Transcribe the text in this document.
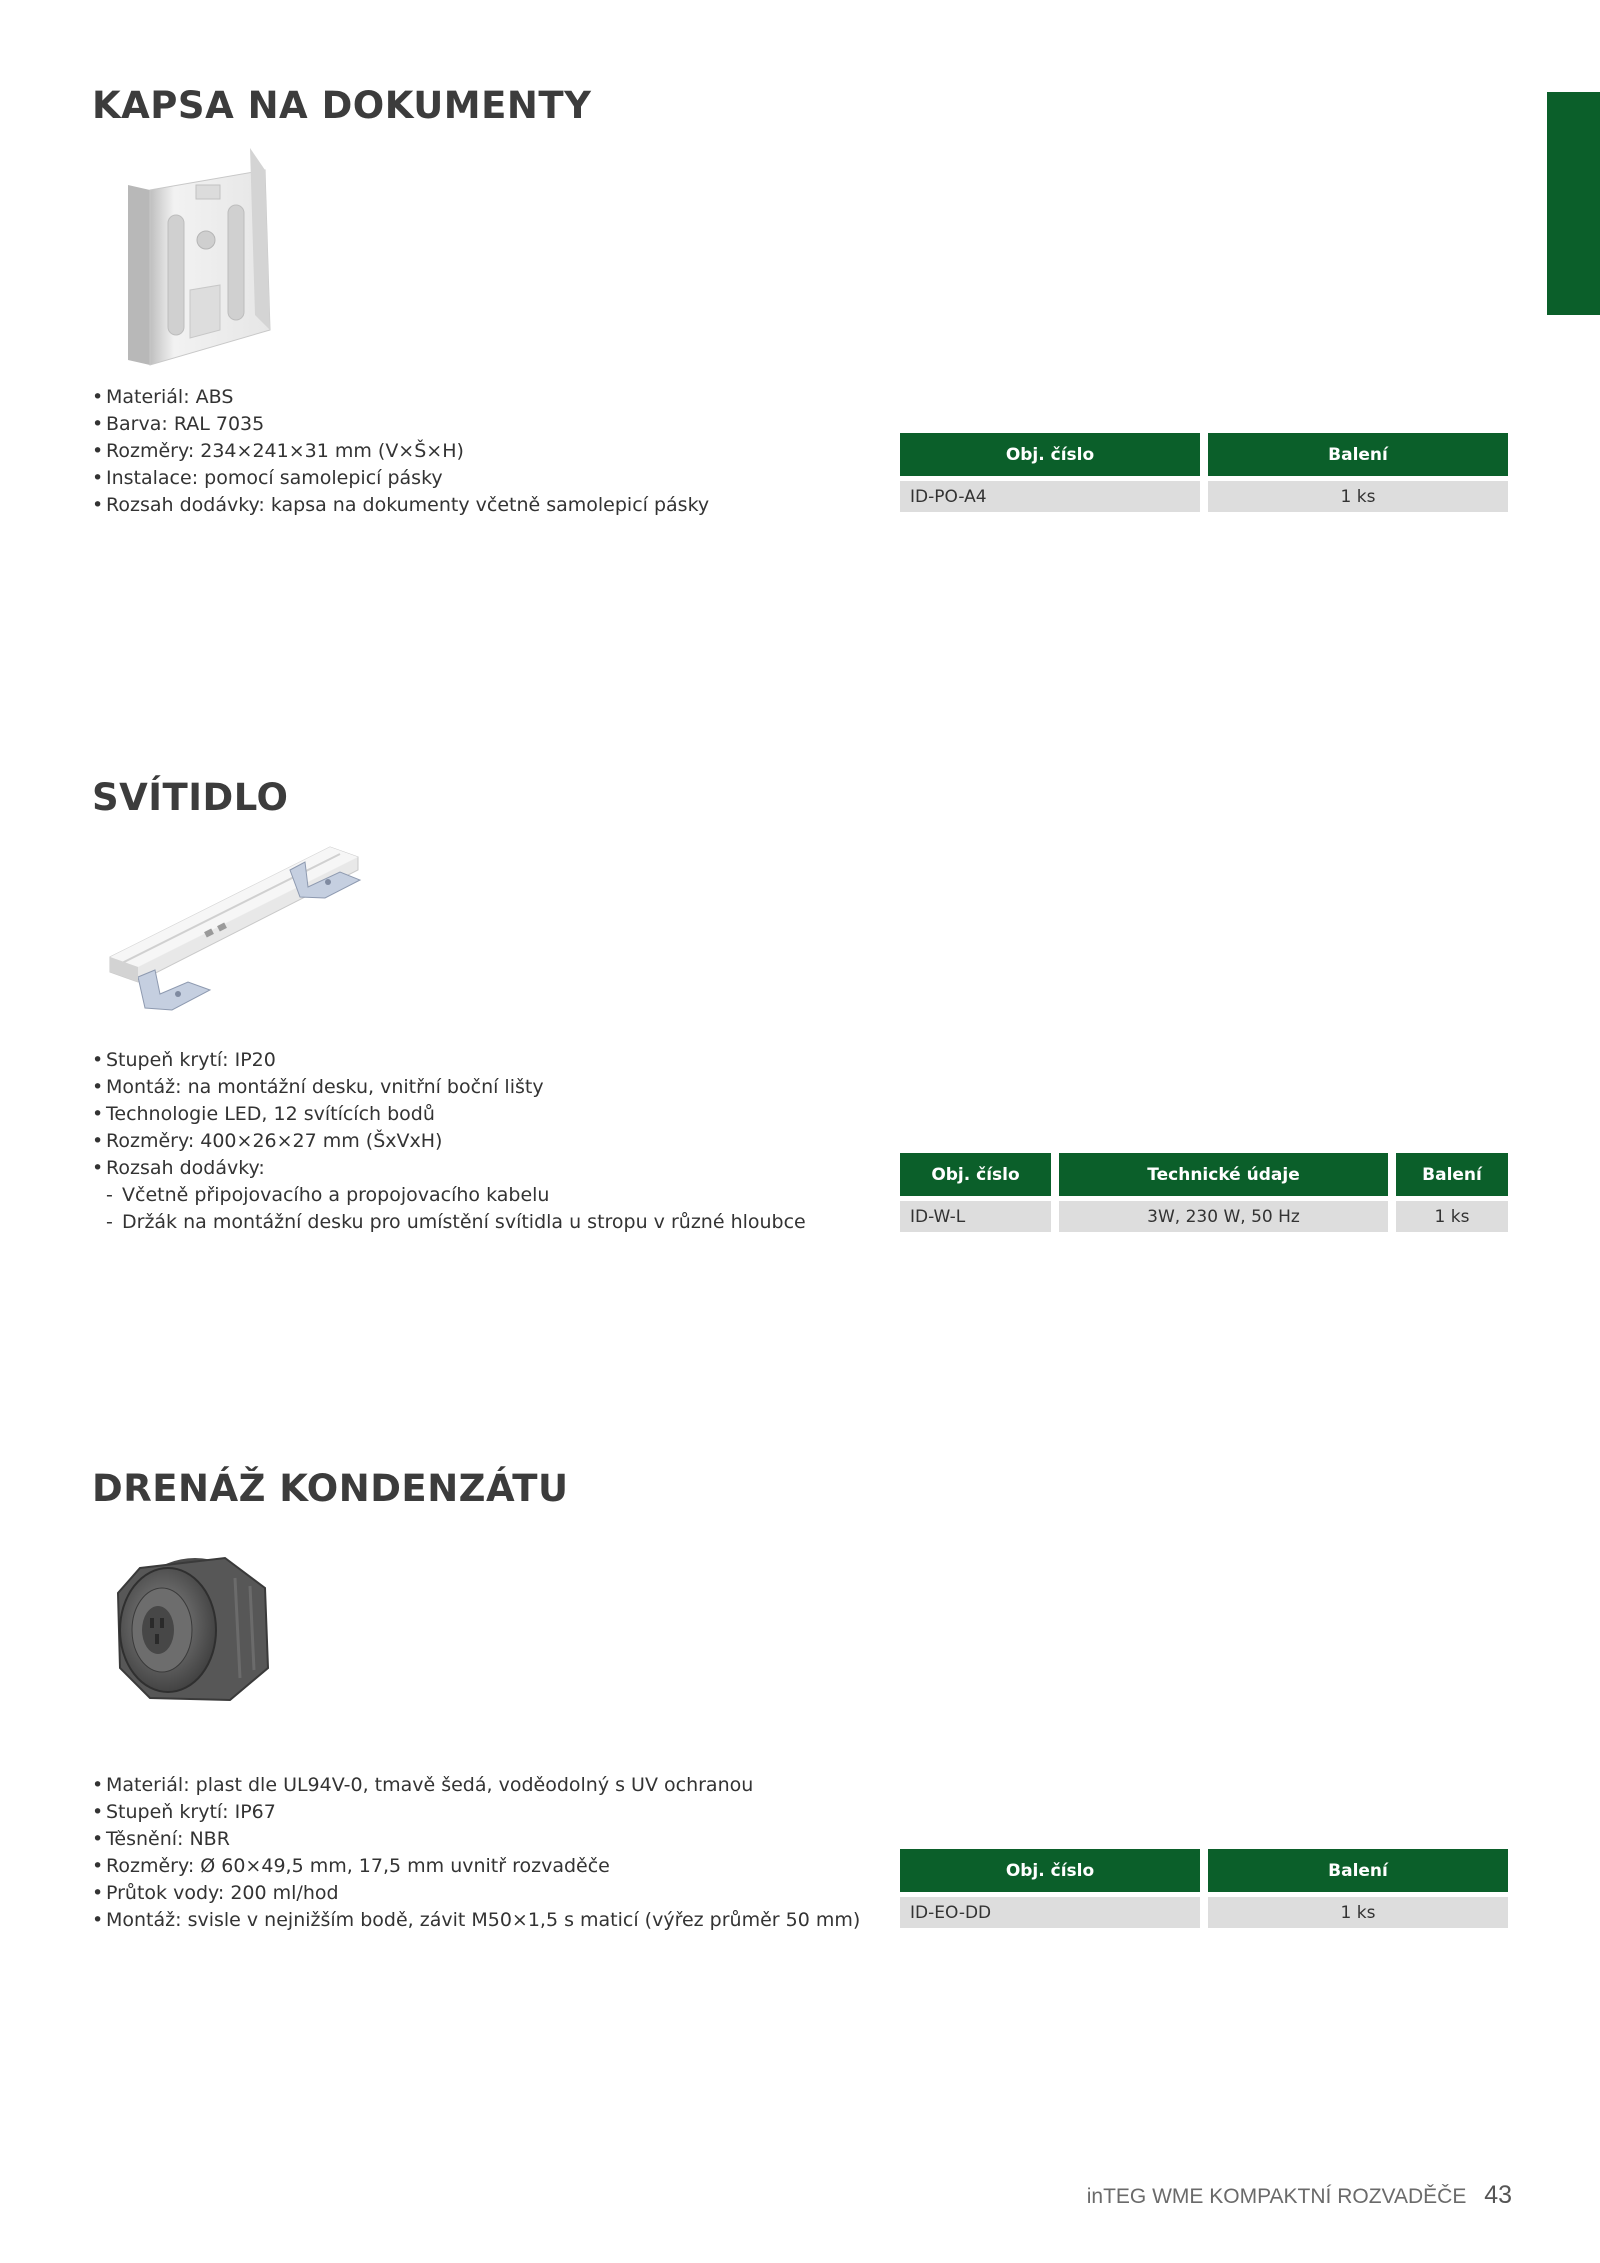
KAPSA NA DOKUMENTY
• Materiál: ABS
• Barva: RAL 7035
• Rozměry: 234×241×31 mm (V×Š×H)
• Instalace: pomocí samolepicí pásky
• Rozsah dodávky: kapsa na dokumenty včetně samolepicí pásky
Obj. číslo	Balení
ID-PO-A4	1 ks
SVÍTIDLO
• Stupeň krytí: IP20
• Montáž: na montážní desku, vnitřní boční lišty
• Technologie LED, 12 svítících bodů
• Rozměry: 400×26×27 mm (ŠxVxH)
• Rozsah dodávky:
- Včetně připojovacího a propojovacího kabelu
- Držák na montážní desku pro umístění svítidla u stropu v různé hloubce
Obj. číslo	Technické údaje	Balení
ID-W-L	3W, 230 W, 50 Hz	1 ks
DRENÁŽ KONDENZÁTU
• Materiál: plast dle UL94V-0, tmavě šedá, voděodolný s UV ochranou
• Stupeň krytí: IP67
• Těsnění: NBR
• Rozměry: Ø 60×49,5 mm, 17,5 mm uvnitř rozvaděče
• Průtok vody: 200 ml/hod
• Montáž: svisle v nejnižším bodě, závit M50×1,5 s maticí (výřez průměr 50 mm)
Obj. číslo	Balení
ID-EO-DD	1 ks
inTEG WME KOMPAKTNÍ ROZVADĚČE 43
